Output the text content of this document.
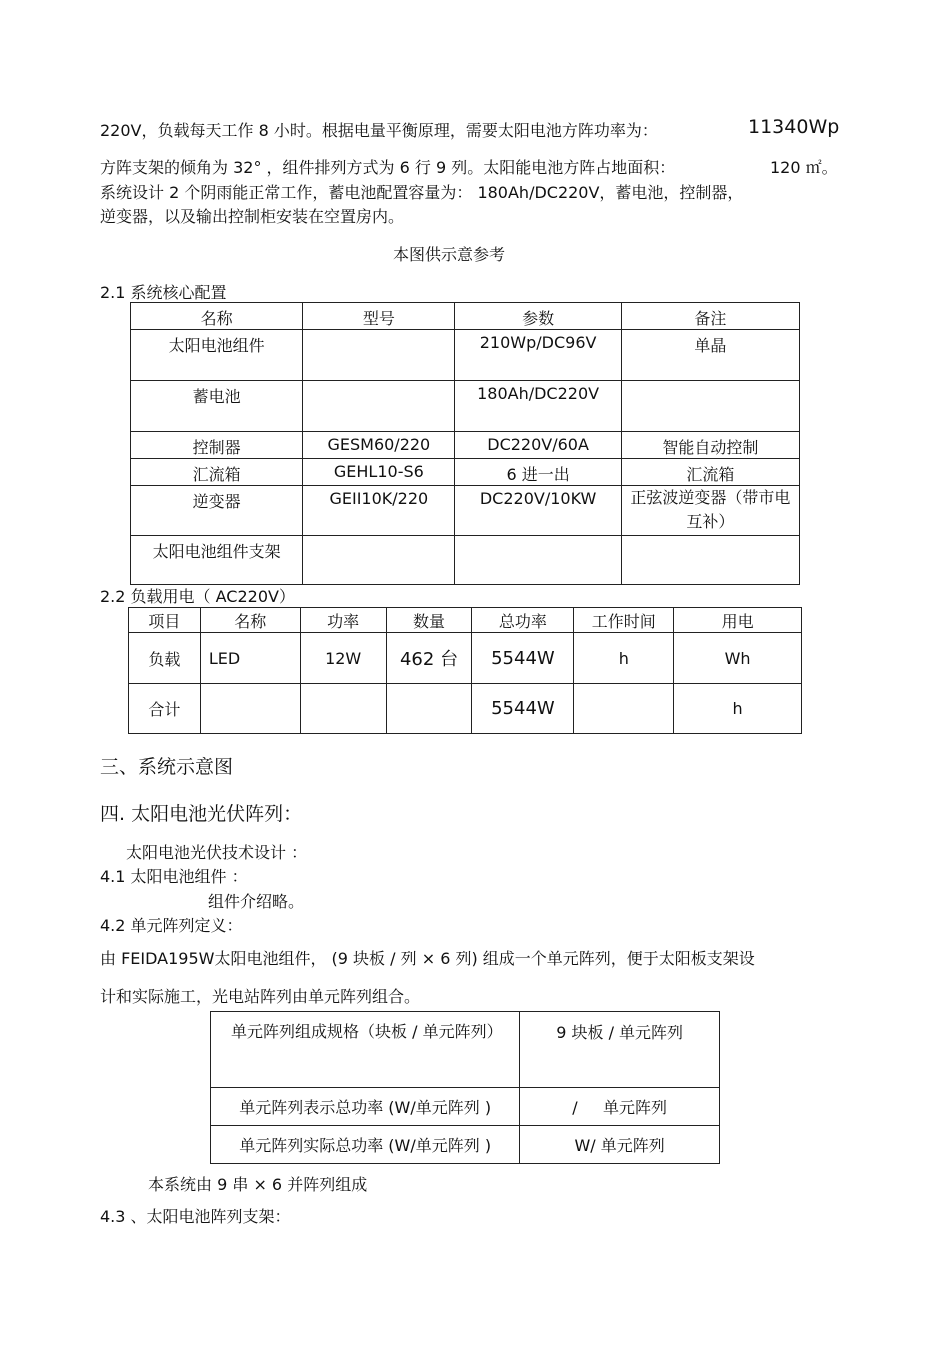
220V，负载每天工作 8 小时。根据电量平衡原理，需要太阳电池方阵功率为：	11340Wp
方阵支架的倾角为 32° ，组件排列方式为 6 行 9 列。太阳能电池方阵占地面积：	120 ㎡。
系统设计 2 个阴雨能正常工作，蓄电池配置容量为： 180Ah/DC220V，蓄电池，控制器，
逆变器，以及输出控制柜安装在空置房内。
本图供示意参考
2.1 系统核心配置
名称	型号	参数	备注
太阳电池组件		210Wp/DC96V	单晶
蓄电池		180Ah/DC220V	
控制器	GESM60/220	DC220V/60A	智能自动控制
汇流箱	GEHL10-S6	6 进一出	汇流箱
逆变器	GEII10K/220	DC220V/10KW	正弦波逆变器（带市电互补）
太阳电池组件支架			
2.2 负载用电（ AC220V）
项目	名称	功率	数量	总功率	工作时间	用电
负载	LED	12W	462 台	5544W	h	Wh
合计				5544W		h
三、系统示意图
四. 太阳电池光伏阵列：
太阳电池光伏技术设计 ：
4.1 太阳电池组件 ：
组件介绍略。
4.2 单元阵列定义：
由 FEIDA195W太阳电池组件， (9 块板 / 列 × 6 列) 组成一个单元阵列，便于太阳板支架设
计和实际施工，光电站阵列由单元阵列组合。
单元阵列组成规格（块板 / 单元阵列）	9 块板 / 单元阵列
单元阵列表示总功率 (W/单元阵列 )	/     单元阵列
单元阵列实际总功率 (W/单元阵列 )	W/ 单元阵列
本系统由 9 串 × 6 并阵列组成
4.3 、太阳电池阵列支架：
